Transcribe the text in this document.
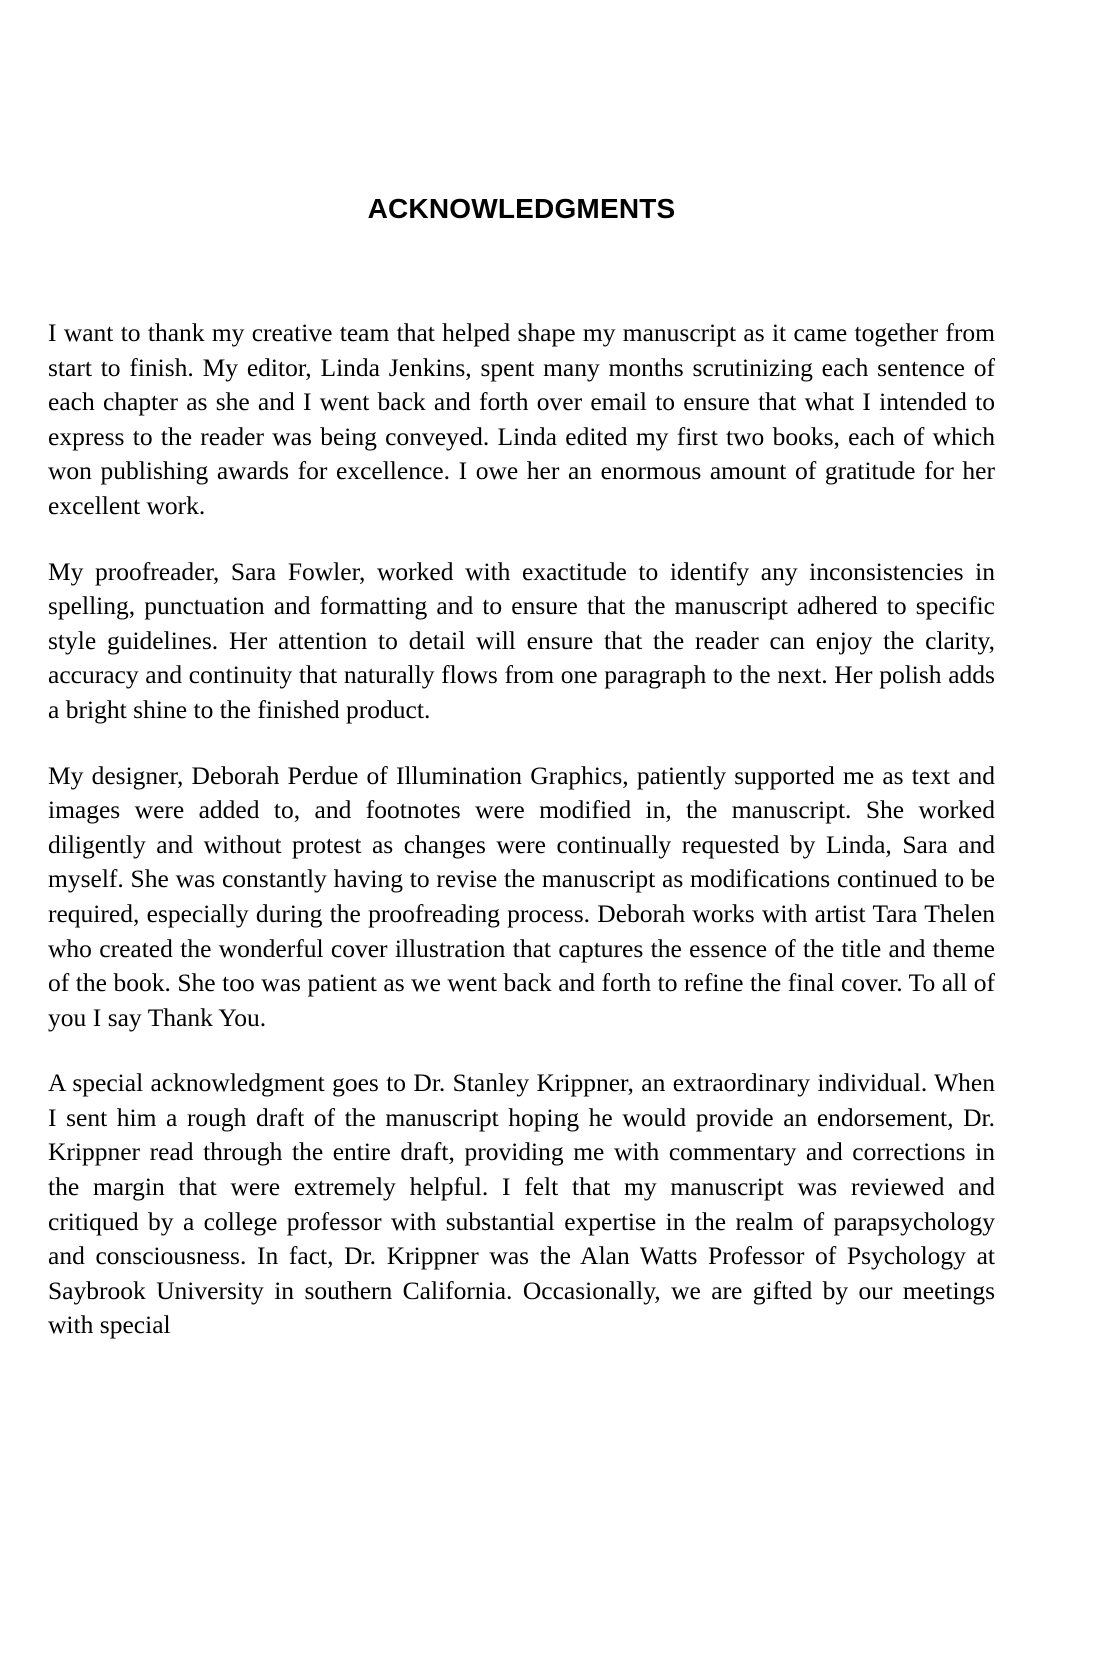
acknowledgments

I want to thank my creative team that helped shape my manuscript as it came together from start to finish. My editor, Linda Jenkins, spent many months scrutinizing each sentence of each chapter as she and I went back and forth over email to ensure that what I intended to express to the reader was being conveyed. Linda edited my first two books, each of which won publishing awards for excellence. I owe her an enormous amount of gratitude for her excellent work.

My proofreader, Sara Fowler, worked with exactitude to identify any inconsistencies in spelling, punctuation and formatting and to ensure that the manuscript adhered to specific style guidelines. Her attention to detail will ensure that the reader can enjoy the clarity, accuracy and continuity that naturally flows from one paragraph to the next. Her polish adds a bright shine to the finished product.

My designer, Deborah Perdue of Illumination Graphics, patiently supported me as text and images were added to, and footnotes were modified in, the manuscript. She worked diligently and without protest as changes were continually requested by Linda, Sara and myself. She was constantly having to revise the manuscript as modifications continued to be required, especially during the proofreading process. Deborah works with artist Tara Thelen who created the wonderful cover illustration that captures the essence of the title and theme of the book. She too was patient as we went back and forth to refine the final cover. To all of you I say Thank You.

A special acknowledgment goes to Dr. Stanley Krippner, an extraordinary individual. When I sent him a rough draft of the manuscript hoping he would provide an endorsement, Dr. Krippner read through the entire draft, providing me with commentary and corrections in the margin that were extremely helpful. I felt that my manuscript was reviewed and critiqued by a college professor with substantial expertise in the realm of parapsychology and consciousness. In fact, Dr. Krippner was the Alan Watts Professor of Psychology at Saybrook University in southern California. Occasionally, we are gifted by our meetings with special
